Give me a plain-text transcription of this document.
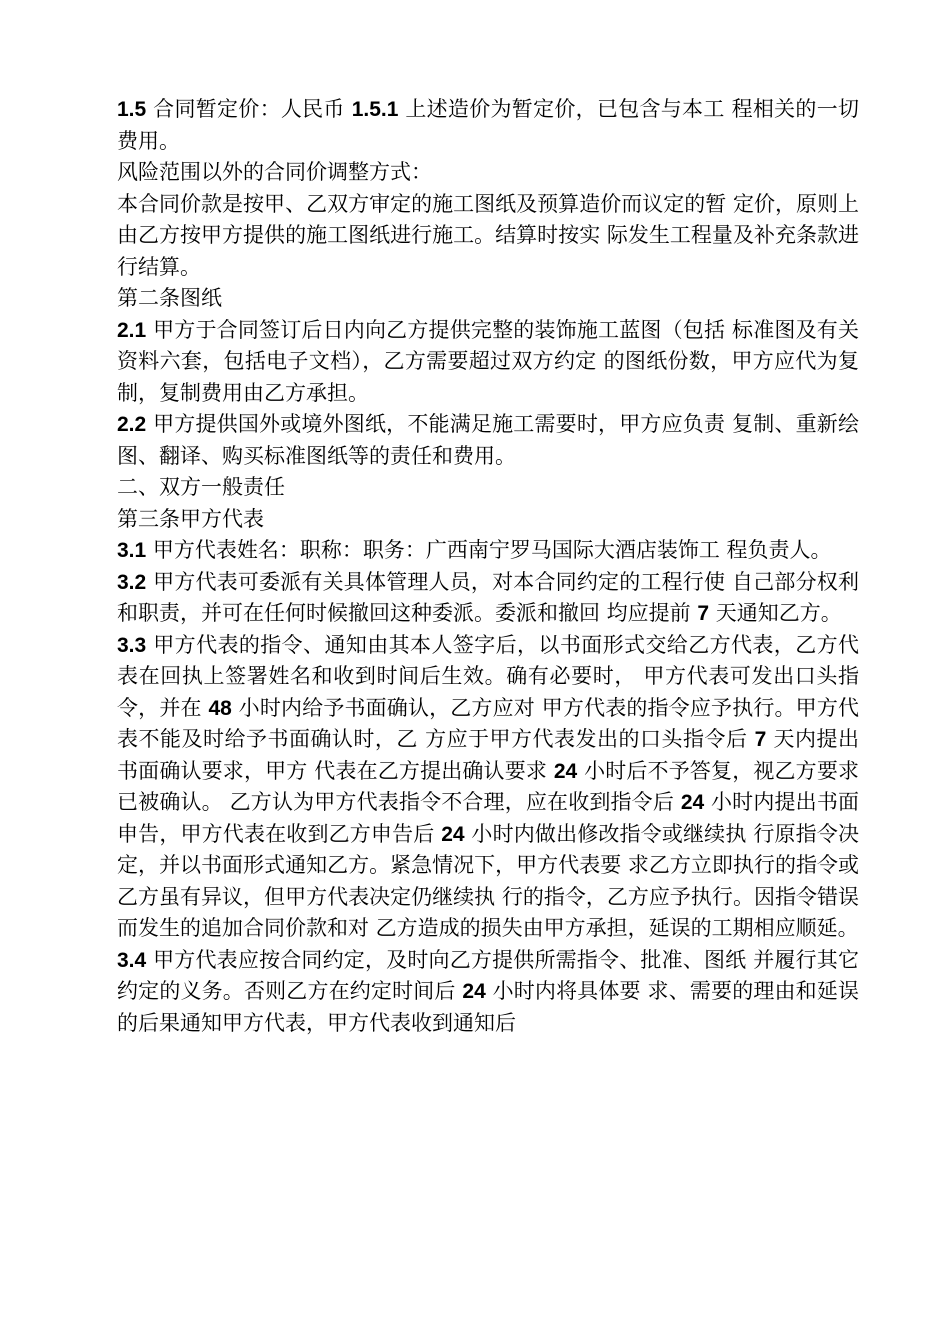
1.5 合同暂定价：人民币 1.5.1 上述造价为暂定价，已包含与本工 程相关的一切费用。

风险范围以外的合同价调整方式：

本合同价款是按甲、乙双方审定的施工图纸及预算造价而议定的暂 定价，原则上由乙方按甲方提供的施工图纸进行施工。结算时按实 际发生工程量及补充条款进行结算。

第二条图纸

2.1 甲方于合同签订后日内向乙方提供完整的装饰施工蓝图（包括 标准图及有关资料六套，包括电子文档），乙方需要超过双方约定 的图纸份数，甲方应代为复制，复制费用由乙方承担。

2.2 甲方提供国外或境外图纸，不能满足施工需要时，甲方应负责 复制、重新绘图、翻译、购买标准图纸等的责任和费用。

二、双方一般责任

第三条甲方代表

3.1 甲方代表姓名：职称：职务：广西南宁罗马国际大酒店装饰工 程负责人。

3.2 甲方代表可委派有关具体管理人员，对本合同约定的工程行使 自己部分权利和职责，并可在任何时候撤回这种委派。委派和撤回 均应提前 7 天通知乙方。

3.3 甲方代表的指令、通知由其本人签字后，以书面形式交给乙方代表，乙方代表在回执上签署姓名和收到时间后生效。确有必要时， 甲方代表可发出口头指令，并在 48 小时内给予书面确认，乙方应对 甲方代表的指令应予执行。甲方代表不能及时给予书面确认时，乙 方应于甲方代表发出的口头指令后 7 天内提出书面确认要求，甲方 代表在乙方提出确认要求 24 小时后不予答复，视乙方要求已被确认。 乙方认为甲方代表指令不合理，应在收到指令后 24 小时内提出书面 申告，甲方代表在收到乙方申告后 24 小时内做出修改指令或继续执 行原指令决定，并以书面形式通知乙方。紧急情况下，甲方代表要 求乙方立即执行的指令或乙方虽有异议，但甲方代表决定仍继续执 行的指令，乙方应予执行。因指令错误而发生的追加合同价款和对 乙方造成的损失由甲方承担，延误的工期相应顺延。

3.4 甲方代表应按合同约定，及时向乙方提供所需指令、批准、图纸 并履行其它约定的义务。否则乙方在约定时间后 24 小时内将具体要 求、需要的理由和延误的后果通知甲方代表，甲方代表收到通知后
